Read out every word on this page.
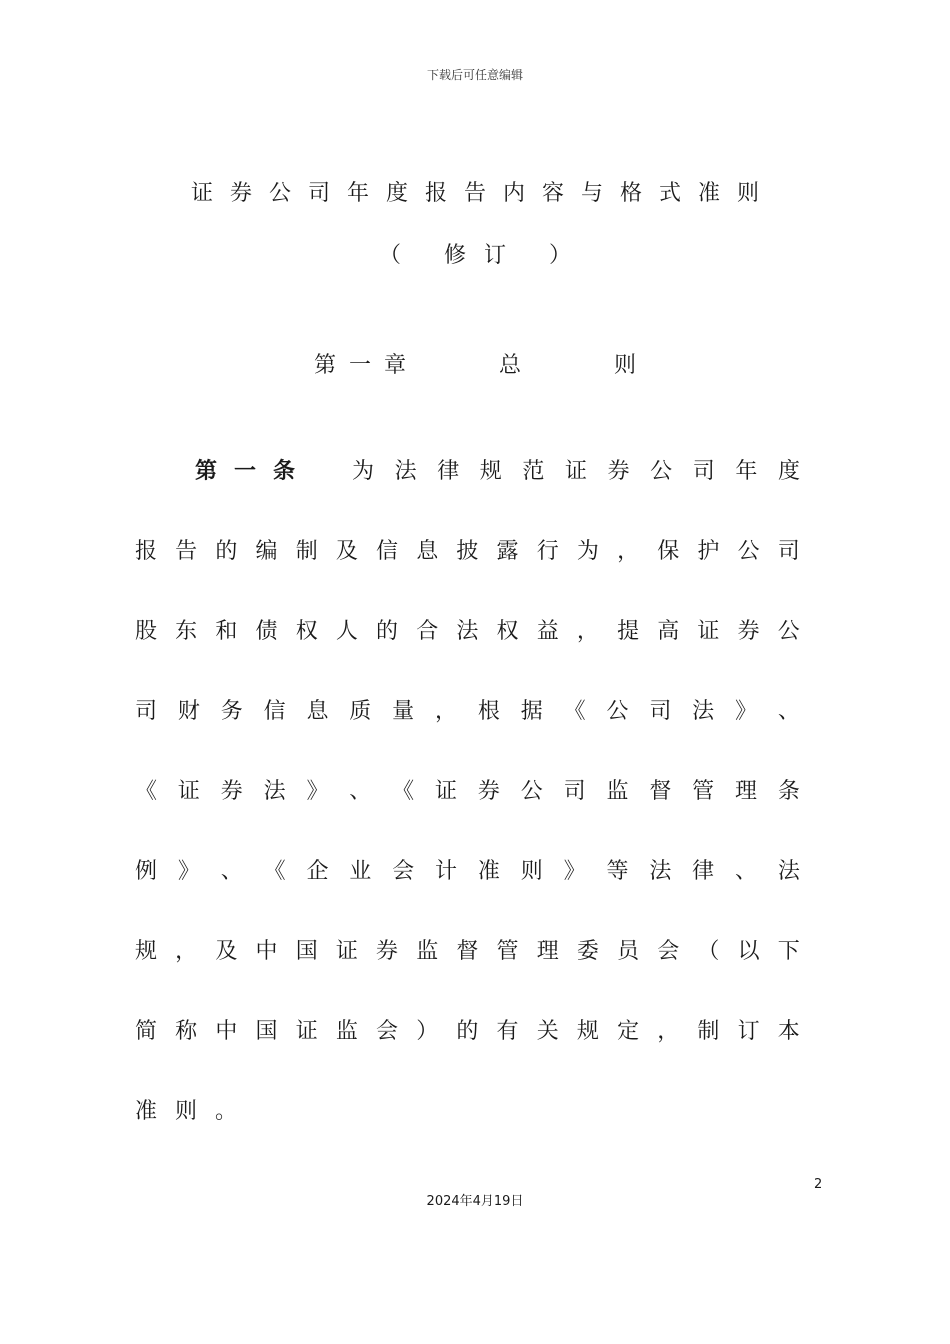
下载后可任意编辑
证券公司年度报告内容与格式准则
（ 修订 ）
第一章    总    则
第一条 为 法 律 规 范 证 券 公 司 年 度
报 告 的 编 制 及 信 息 披 露 行 为 ， 保 护 公 司
股 东 和 债 权 人 的 合 法 权 益 ， 提 高 证 券 公
司 财 务 信 息 质 量 ， 根 据 《 公 司 法 》 、
《 证 券 法 》 、 《 证 券 公 司 监 督 管 理 条
例 》 、 《 企 业 会 计 准 则 》 等 法 律 、 法
规 ， 及 中 国 证 券 监 督 管 理 委 员 会 （ 以 下
简 称 中 国 证 监 会 ） 的 有 关 规 定 ， 制 订 本
准则。
2
2024年4月19日
